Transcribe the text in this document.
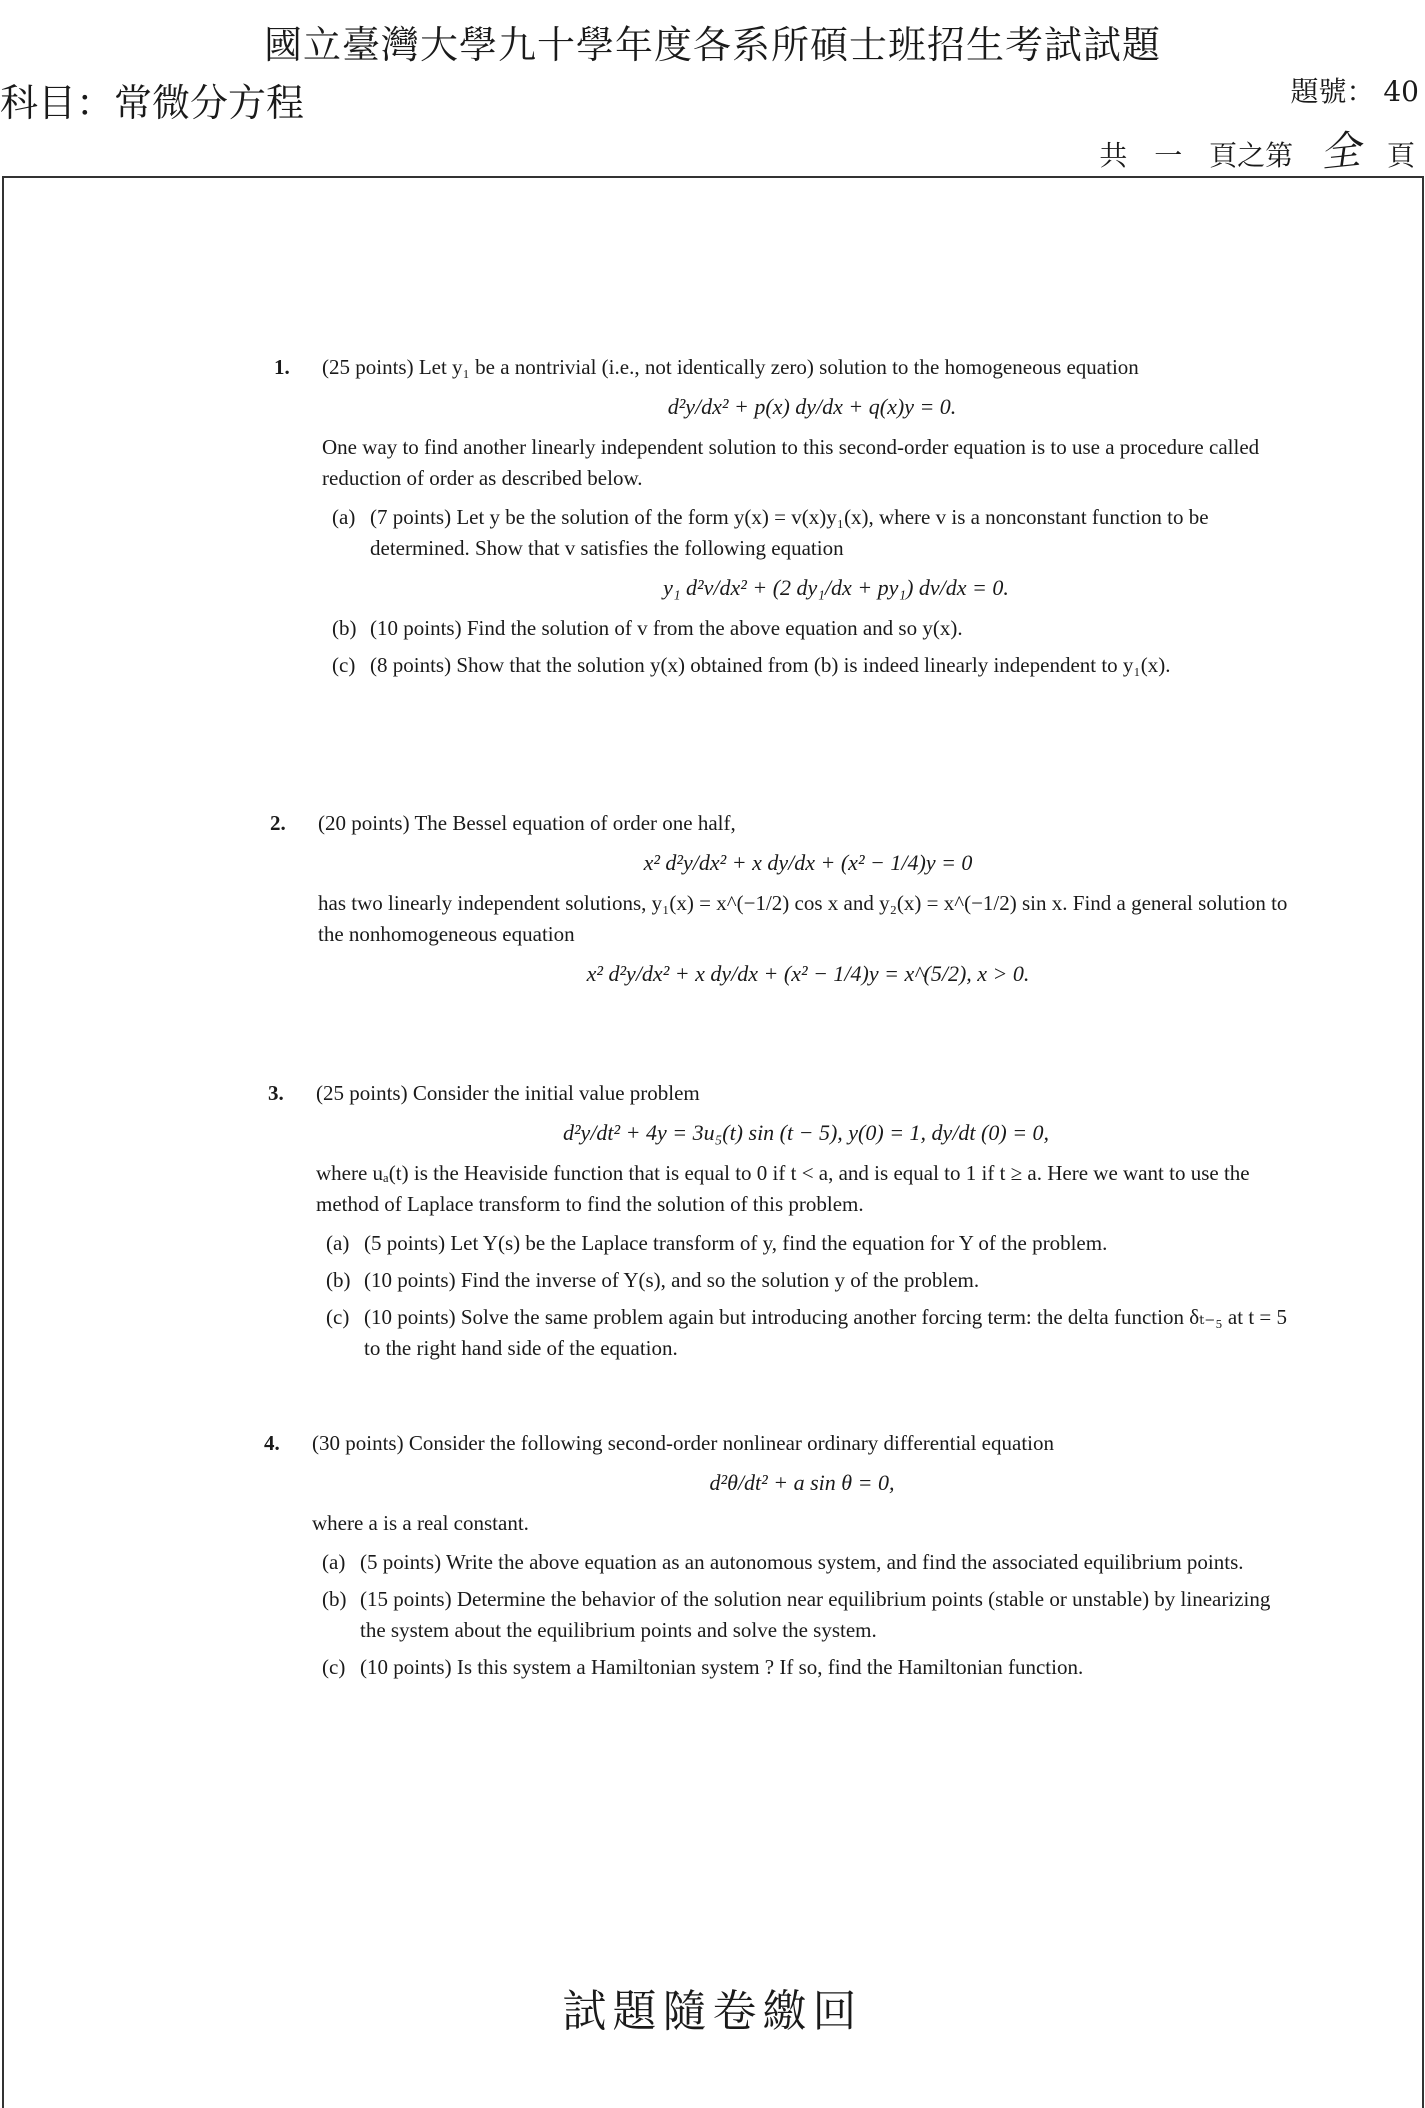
國立臺灣大學九十學年度各系所碩士班招生考試試題
科目：常微分方程	題號： 40
共 一 頁之第 全 頁
1. (25 points) Let y₁ be a nontrivial (i.e., not identically zero) solution to the homogeneous equation

d²y/dx² + p(x) dy/dx + q(x)y = 0.

One way to find another linearly independent solution to this second-order equation is to use a procedure called reduction of order as described below.

(a) (7 points) Let y be the solution of the form y(x) = v(x)y₁(x), where v is a nonconstant function to be determined. Show that v satisfies the following equation
y₁ d²v/dx² + (2 dy₁/dx + py₁) dv/dx = 0.
(b) (10 points) Find the solution of v from the above equation and so y(x).
(c) (8 points) Show that the solution y(x) obtained from (b) is indeed linearly independent to y₁(x).
2. (20 points) The Bessel equation of order one half,

x² d²y/dx² + x dy/dx + (x² − 1/4)y = 0

has two linearly independent solutions, y₁(x) = x^(−1/2) cos x and y₂(x) = x^(−1/2) sin x. Find a general solution to the nonhomogeneous equation

x² d²y/dx² + x dy/dx + (x² − 1/4)y = x^(5/2), x > 0.
3. (25 points) Consider the initial value problem

d²y/dt² + 4y = 3u₅(t) sin (t − 5), y(0) = 1, dy/dt (0) = 0,

where uₐ(t) is the Heaviside function that is equal to 0 if t < a, and is equal to 1 if t ≥ a. Here we want to use the method of Laplace transform to find the solution of this problem.

(a) (5 points) Let Y(s) be the Laplace transform of y, find the equation for Y of the problem.
(b) (10 points) Find the inverse of Y(s), and so the solution y of the problem.
(c) (10 points) Solve the same problem again but introducing another forcing term: the delta function δₜ₋₅ at t = 5 to the right hand side of the equation.
4. (30 points) Consider the following second-order nonlinear ordinary differential equation

d²θ/dt² + a sin θ = 0,

where a is a real constant.

(a) (5 points) Write the above equation as an autonomous system, and find the associated equilibrium points.
(b) (15 points) Determine the behavior of the solution near equilibrium points (stable or unstable) by linearizing the system about the equilibrium points and solve the system.
(c) (10 points) Is this system a Hamiltonian system ? If so, find the Hamiltonian function.
試題隨卷繳回
